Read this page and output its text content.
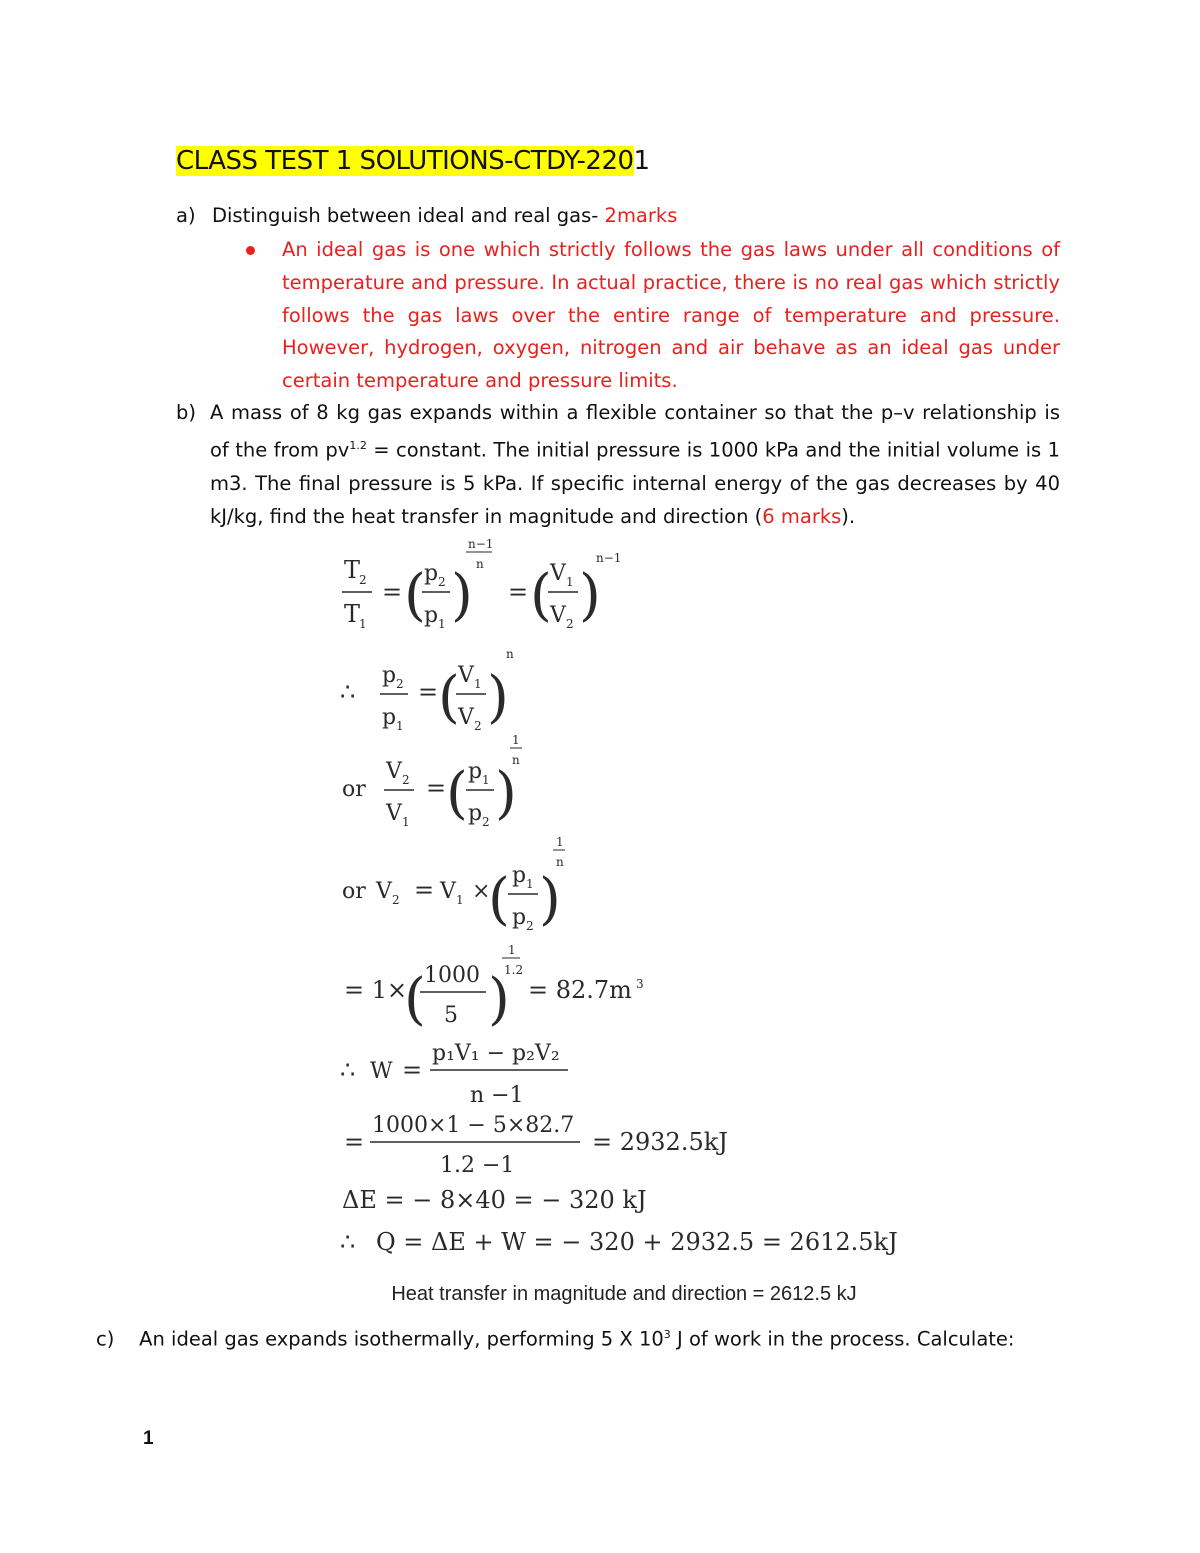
CLASS TEST 1 SOLUTIONS-CTDY-2201
a) Distinguish between ideal and real gas- 2marks
An ideal gas is one which strictly follows the gas laws under all conditions of temperature and pressure. In actual practice, there is no real gas which strictly follows the gas laws over the entire range of temperature and pressure. However, hydrogen, oxygen, nitrogen and air behave as an ideal gas under certain temperature and pressure limits.
b) A mass of 8 kg gas expands within a flexible container so that the p–v relationship is of the from $pv^{1.2}$ = constant. The initial pressure is 1000 kPa and the initial volume is 1 m3. The final pressure is 5 kPa. If specific internal energy of the gas decreases by 40 kJ/kg, find the heat transfer in magnitude and direction (6 marks).
T
2
T
1
= (
p 2
p 1 )
n−1
n
= (
V 1
V 2 )
n−1
∴
p 2
p 1
= (
V 1
V 2 )
n
or
V 2
V 1
= ( p 1
p 2 )
1
n
or V 2 = V 1 ×
( p 1
p 2 )
1
n
= 1×
(
1000
5 )
1
1.2
= 82.7m 3
∴ W =
p₁V₁ − p₂V₂
n −1
=
1000×1 − 5×82.7
1.2 −1
= 2932.5kJ
ΔE = − 8×40 = − 320 kJ
∴ Q = ΔE + W = − 320 + 2932.5 = 2612.5kJ
Heat transfer in magnitude and direction = 2612.5 kJ
c) An ideal gas expands isothermally, performing 5 X $10^3$ J of work in the process. Calculate:
1
